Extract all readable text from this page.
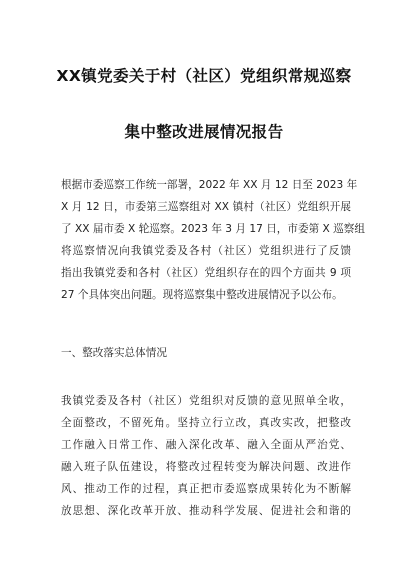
XX镇党委关于村（社区）党组织常规巡察
集中整改进展情况报告
根据市委巡察工作统一部署，2022 年 XX 月 12 日至 2023 年
X 月 12 日，市委第三巡察组对 XX 镇村（社区）党组织开展
了 XX 届市委 X 轮巡察。2023 年 3 月 17 日，市委第 X 巡察组
将巡察情况向我镇党委及各村（社区）党组织进行了反馈
指出我镇党委和各村（社区）党组织存在的四个方面共 9 项
27 个具体突出问题。现将巡察集中整改进展情况予以公布。
一、整改落实总体情况
我镇党委及各村（社区）党组织对反馈的意见照单全收，
全面整改，不留死角。坚持立行立改，真改实改，把整改
工作融入日常工作、融入深化改革、融入全面从严治党、
融入班子队伍建设，将整改过程转变为解决问题、改进作
风、推动工作的过程，真正把市委巡察成果转化为不断解
放思想、深化改革开放、推动科学发展、促进社会和谐的
